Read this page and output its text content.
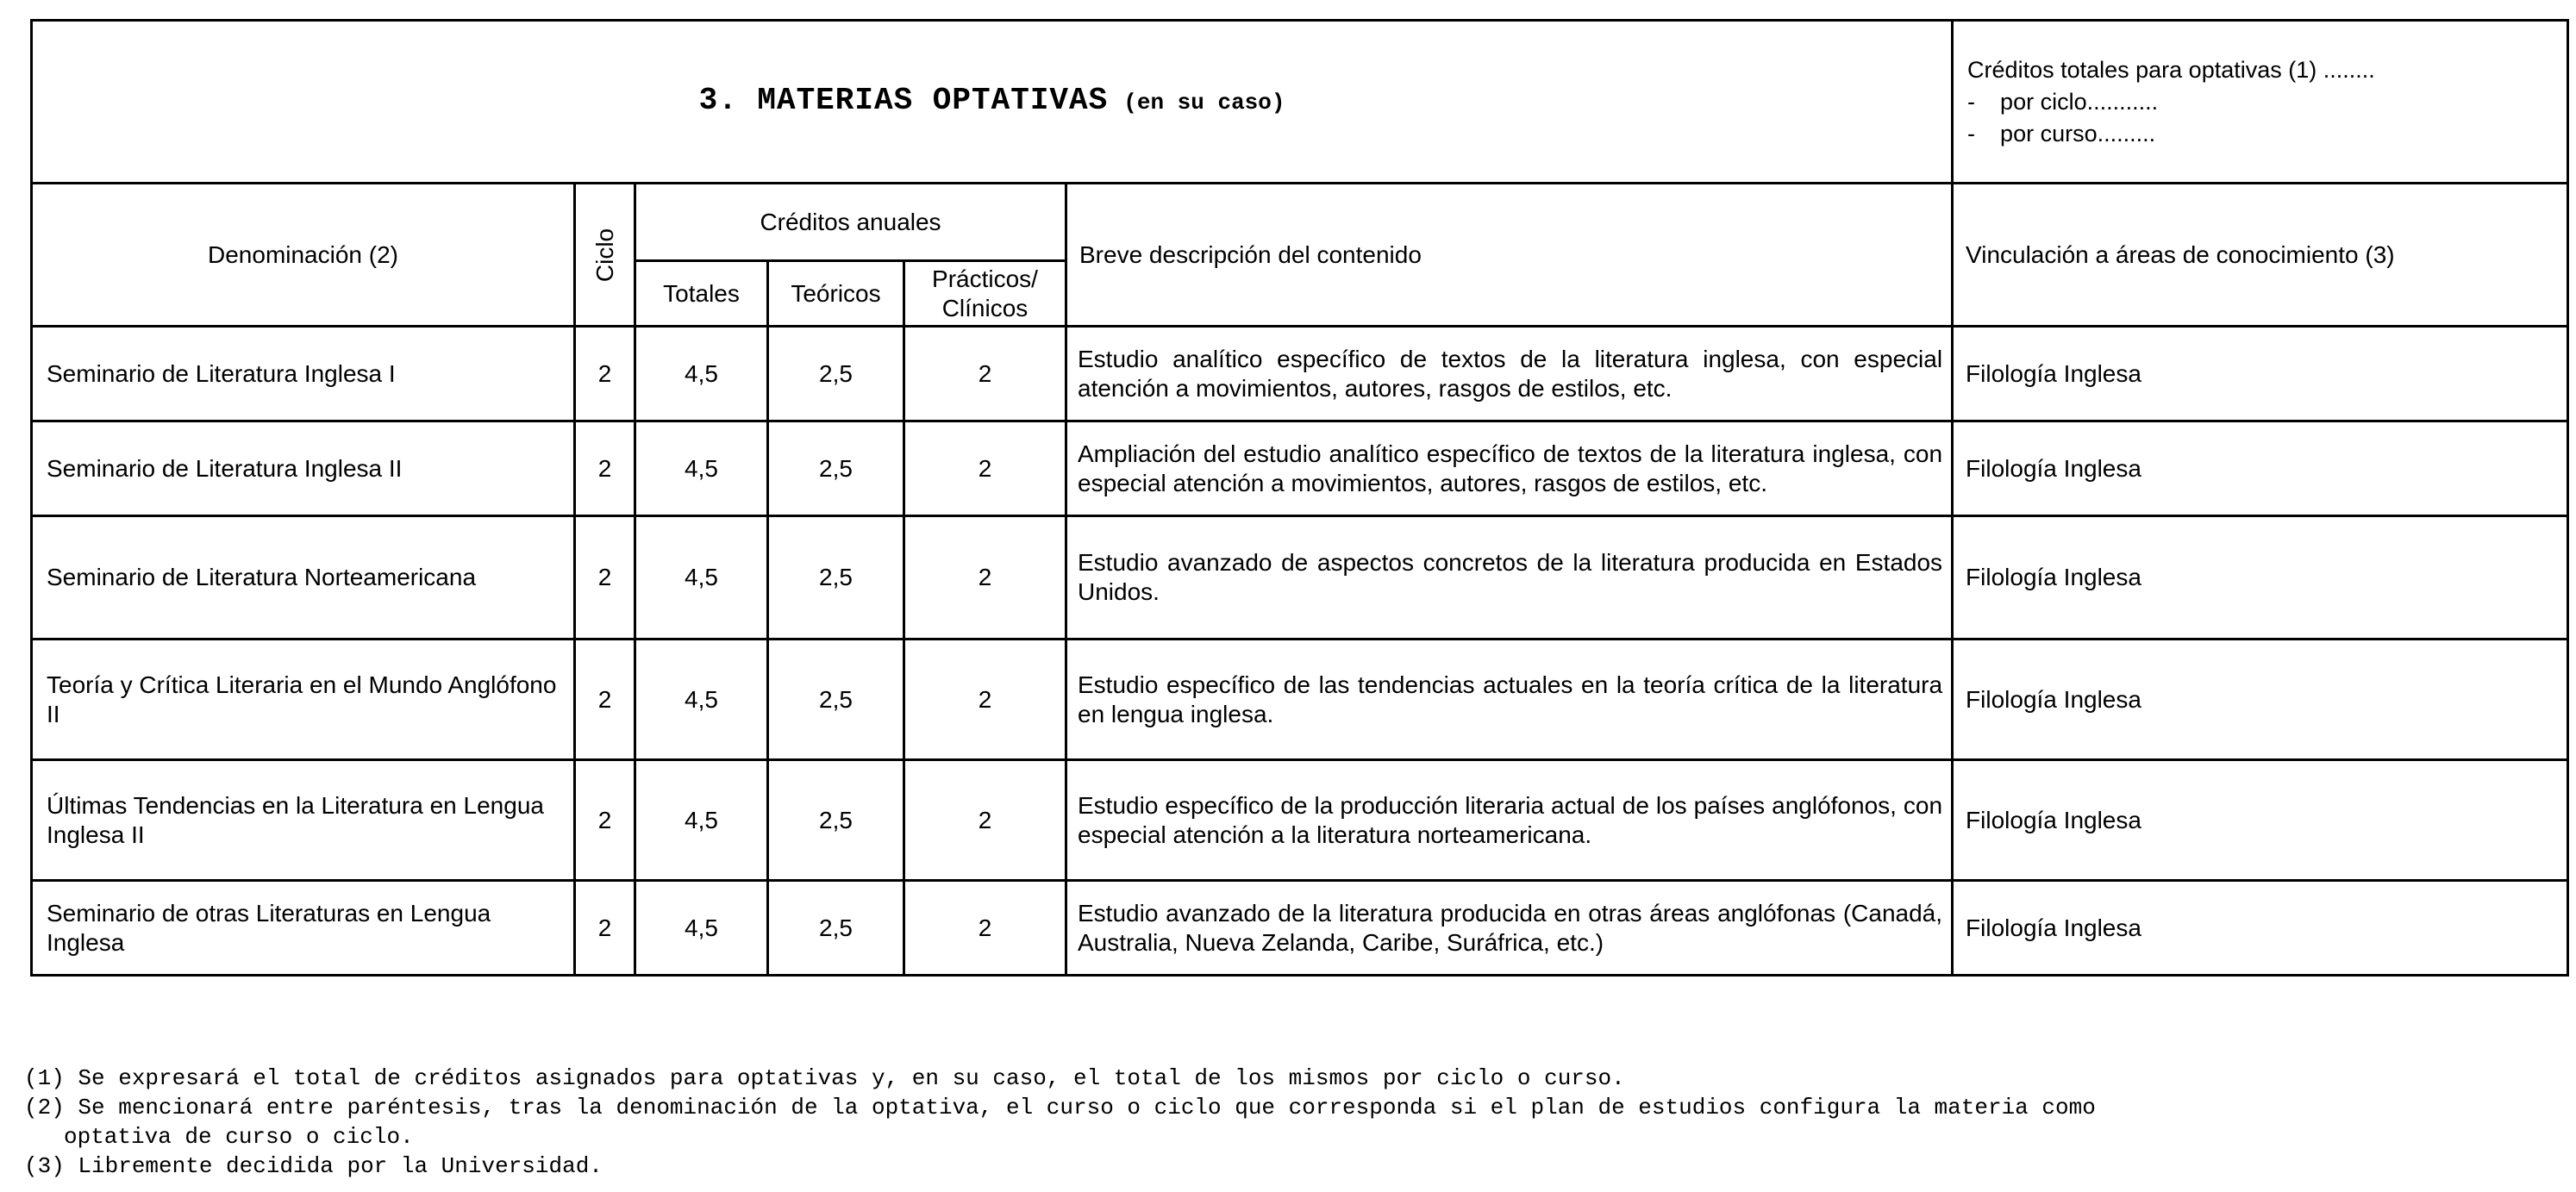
3. MATERIAS OPTATIVAS (en su caso)						Créditos totales para optativas (1) ........
- por ciclo...........
- por curso.........

Denominación (2)	Ciclo	Créditos anuales			Breve descripción del contenido	Vinculación a áreas de conocimiento (3)
		Totales	Teóricos	Prácticos/
Clínicos		
Seminario de Literatura Inglesa I	2	4,5	2,5	2	Estudio analítico específico de textos de la literatura inglesa, con especial atención a movimientos, autores, rasgos de estilos, etc.	Filología Inglesa
Seminario de Literatura Inglesa II	2	4,5	2,5	2	Ampliación del estudio analítico específico de textos de la literatura inglesa, con especial atención a movimientos, autores, rasgos de estilos, etc.	Filología Inglesa
Seminario de Literatura Norteamericana	2	4,5	2,5	2	Estudio avanzado de aspectos concretos de la literatura producida en Estados Unidos.	Filología Inglesa
Teoría y Crítica Literaria en el Mundo Anglófono II	2	4,5	2,5	2	Estudio específico de las tendencias actuales en la teoría crítica de la literatura en lengua inglesa.	Filología Inglesa
Últimas Tendencias en la Literatura en Lengua Inglesa II	2	4,5	2,5	2	Estudio específico de la producción literaria actual de los países anglófonos, con especial atención a la literatura norteamericana.	Filología Inglesa
Seminario de otras Literaturas en Lengua Inglesa	2	4,5	2,5	2	Estudio avanzado de la literatura producida en otras áreas anglófonas (Canadá, Australia, Nueva Zelanda, Caribe, Suráfrica, etc.)	Filología Inglesa
(1) Se expresará el total de créditos asignados para optativas y, en su caso, el total de los mismos por ciclo o curso.
(2) Se mencionará entre paréntesis, tras la denominación de la optativa, el curso o ciclo que corresponda si el plan de estudios configura la materia como
optativa de curso o ciclo.
(3) Libremente decidida por la Universidad.
